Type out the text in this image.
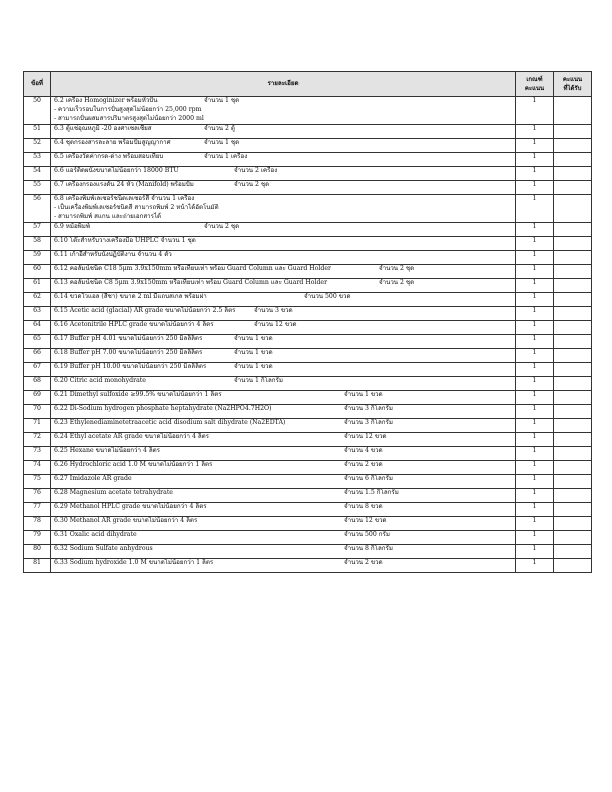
ข้อที่	รายละเอียด	เกณฑ์
คะแนน	คะแนน
ที่ได้รับ

50	6.2 เครื่อง Homoginizer พร้อมหัวปั่น จำนวน 1 ชุด
- ความเร็วรอบในการปั่นสูงสุดไม่น้อยกว่า 25,000 rpm
- สามารถปั่นผสมสารปริมาตรสูงสุดไม่น้อยกว่า 2000 ml	1	
51	6.3 ตู้แช่อุณหภูมิ -20 องศาเซลเซียส จำนวน 2 ตู้	1	
52	6.4 ชุดกรองสารละลาย พร้อมปั๊มสูญญากาศ จำนวน 1 ชุด	1	
53	6.5 เครื่องวัดค่ากรด-ด่าง พร้อมสอบเทียบ จำนวน 1 เครื่อง	1	
54	6.6 แอร์ติดผนังขนาดไม่น้อยกว่า 18000 BTU จำนวน 2 เครื่อง	1	
55	6.7 เครื่องกรองแรงดัน 24 หัว (Manifold) พร้อมปั๊ม จำนวน 2 ชุด	1	
56	6.8 เครื่องพิมพ์เลเซอร์ชนิดเลเซอร์สี จำนวน 1 เครื่อง
- เป็นเครื่องพิมพ์เลเซอร์ชนิดสี สามารถพิมพ์ 2 หน้าได้อัตโนมัติ
- สามารถพิมพ์ สแกน และถ่ายเอกสารได้	1	
57	6.9 หม้อพิมพ์ จำนวน 2 ชุด	1	
58	6.10 โต๊ะสำหรับวางเครื่องมือ UHPLC จำนวน 1 ชุด	1	
59	6.11 เก้าอี้สำหรับนั่งปฏิบัติงาน จำนวน 4 ตัว	1	
60	6.12 คอลัมน์ชนิด C18 5μm 3.9x150mm หรือเทียบเท่า พร้อม Guard Column และ Guard Holder จำนวน 2 ชุด	1	
61	6.13 คอลัมน์ชนิด C8 5μm 3.9x150mm หรือเทียบเท่า พร้อม Guard Column และ Guard Holder จำนวน 2 ชุด	1	
62	6.14 ขวดใวแอล (สีชา) ขนาด 2 ml มีแถบสเกล พร้อมฝา จำนวน 500 ขวด	1	
63	6.15 Acetic acid (glacial) AR grade ขนาดไม่น้อยกว่า 2.5 ลิตร จำนวน 3 ขวด	1	
64	6.16 Acetonitrile HPLC grade ขนาดไม่น้อยกว่า 4 ลิตร จำนวน 12 ขวด	1	
65	6.17 Buffer pH 4.01 ขนาดไม่น้อยกว่า 250 มิลลิลิตร จำนวน 1 ขวด	1	
66	6.18 Buffer pH 7.00 ขนาดไม่น้อยกว่า 250 มิลลิลิตร จำนวน 1 ขวด	1	
67	6.19 Buffer pH 10.00 ขนาดไม่น้อยกว่า 250 มิลลิลิตร จำนวน 1 ขวด	1	
68	6.20 Citric acid monohydrate จำนวน 1 กิโลกรัม	1	
69	6.21 Dimethyl sulfoxide ≥99.5% ขนาดไม่น้อยกว่า 1 ลิตร จำนวน 1 ขวด	1	
70	6.22 Di-Sodium hydrogen phosphate heptahydrate (Na2HPO4.7H2O) จำนวน 3 กิโลกรัม	1	
71	6.23 Ethylenediaminetetraacetic acid disodium salt dihydrate (Na2EDTA) จำนวน 3 กิโลกรัม	1	
72	6.24 Ethyl acetate AR grade ขนาดไม่น้อยกว่า 4 ลิตร จำนวน 12 ขวด	1	
73	6.25 Hexane ขนาดไม่น้อยกว่า 4 ลิตร จำนวน 4 ขวด	1	
74	6.26 Hydrochloric acid 1.0 M ขนาดไม่น้อยกว่า 1 ลิตร จำนวน 2 ขวด	1	
75	6.27 Imidazole AR grade จำนวน 6 กิโลกรัม	1	
76	6.28 Magnesium acetate tetrahydrate จำนวน 1.5 กิโลกรัม	1	
77	6.29 Methanol HPLC grade ขนาดไม่น้อยกว่า 4 ลิตร จำนวน 8 ขวด	1	
78	6.30 Methanol AR grade ขนาดไม่น้อยกว่า 4 ลิตร จำนวน 12 ขวด	1	
79	6.31 Oxalic acid dihydrate จำนวน 500 กรัม	1	
80	6.32 Sodium Sulfate anhydrous จำนวน 8 กิโลกรัม	1	
81	6.33 Sodium hydroxide 1.0 M ขนาดไม่น้อยกว่า 1 ลิตร จำนวน 2 ขวด	1	
